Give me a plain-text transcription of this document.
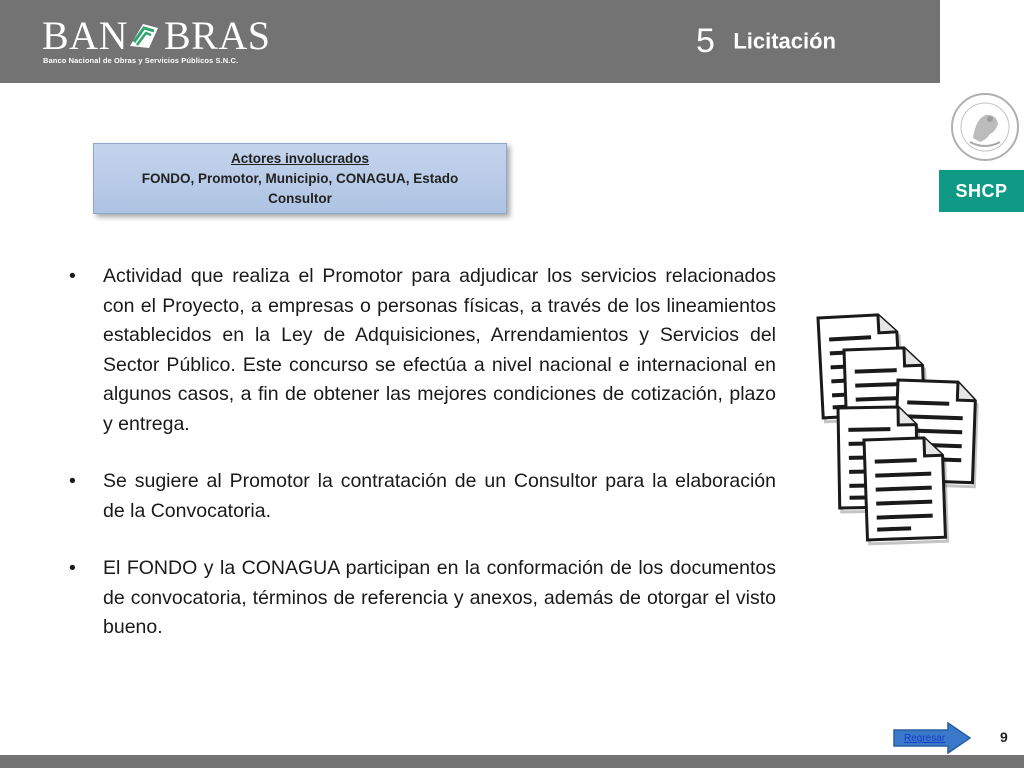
BAN BRAS
Banco Nacional de Obras y Servicios Públicos S.N.C.
5 Licitación
SHCP
Actores involucrados
FONDO, Promotor, Municipio, CONAGUA, Estado
Consultor
• Actividad que realiza el Promotor para adjudicar los servicios relacionados con el Proyecto, a empresas o personas físicas, a través de los lineamientos establecidos en la Ley de Adquisiciones, Arrendamientos y Servicios del Sector Público. Este concurso se efectúa a nivel nacional e internacional en algunos casos, a fin de obtener las mejores condiciones de cotización, plazo y entrega.
• Se sugiere al Promotor la contratación de un Consultor para la elaboración de la Convocatoria.
• El FONDO y la CONAGUA participan en la conformación de los documentos de convocatoria, términos de referencia y anexos, además de otorgar el visto bueno.
Regresar	9
